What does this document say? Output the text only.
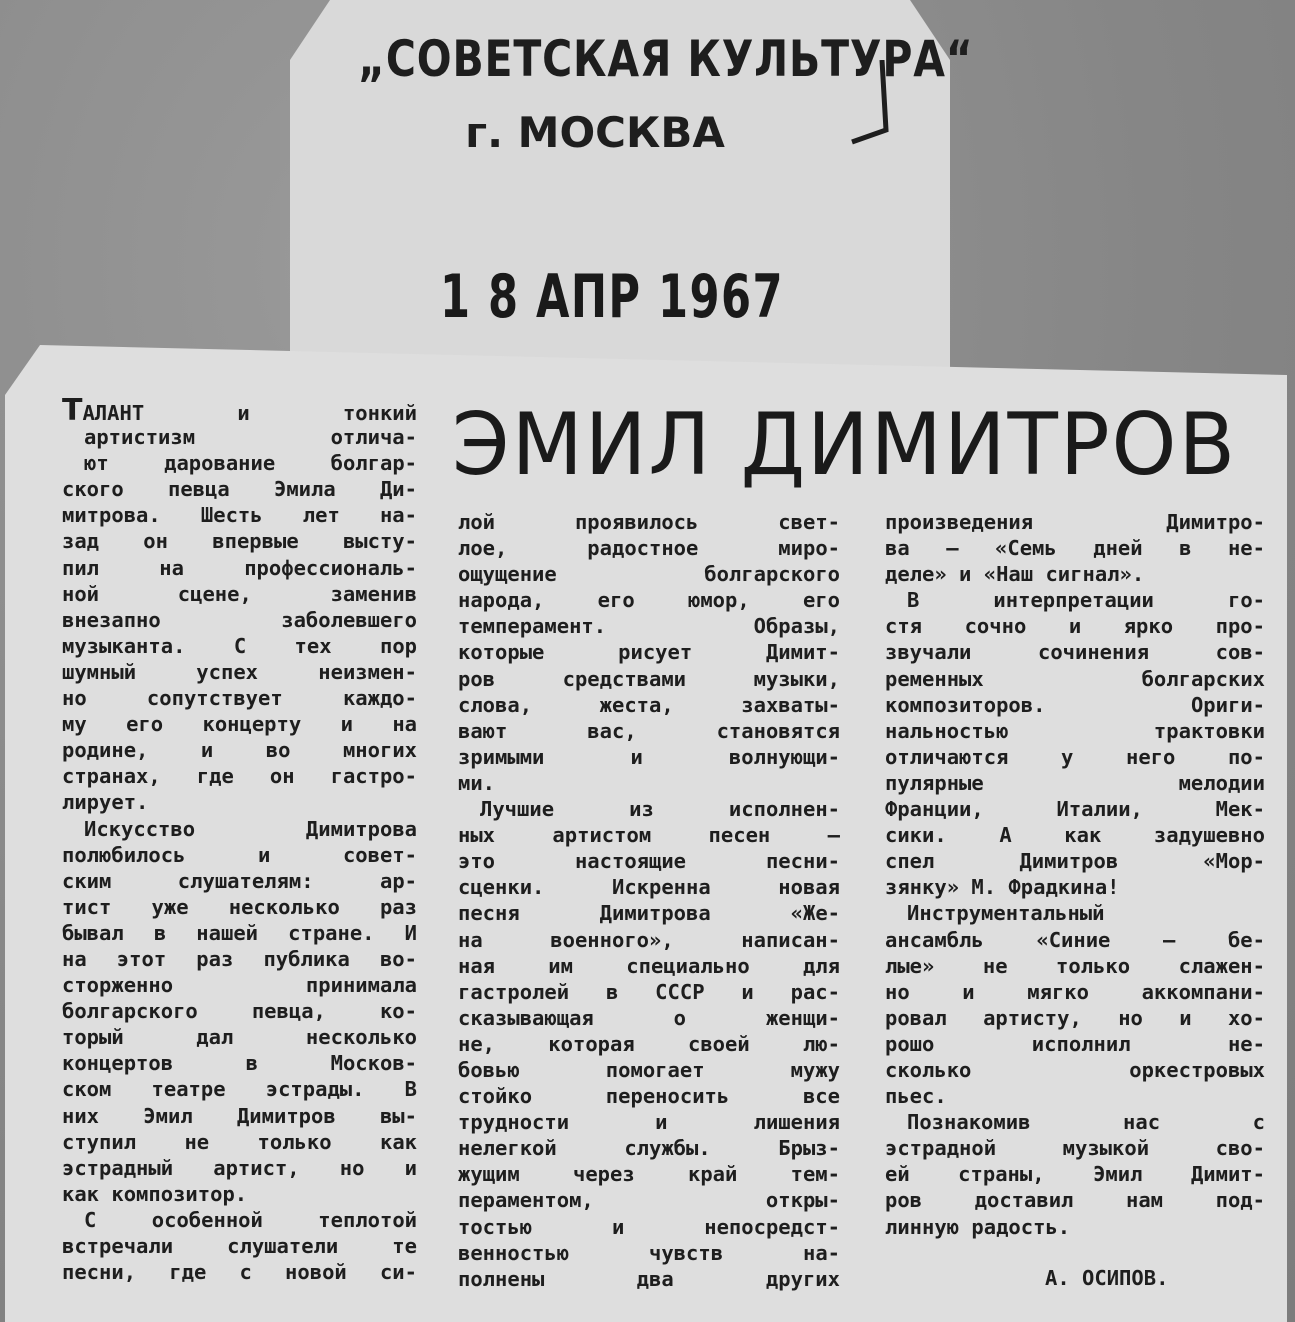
„СОВЕТСКАЯ КУЛЬТУРА“
г. МОСКВА
1 8 АПР 1967
ЭМИЛ ДИМИТРОВ
ТАЛАНТ и тонкий
артистизм отличa-
ют дарование болгар-
ского певца Эмила Ди-
митрова. Шесть лет на-
зад он впервые высту-
пил на профессиональ-
ной сцене, заменив
внезапно заболевшего
музыканта. С тех пор
шумный успех неизмен-
но сопутствует каждо-
му его концерту и на
родине, и во многих
странах, где он гастро-
лирует.
Искусство Димитрова
полюбилось и совет-
ским слушателям: ар-
тист уже несколько раз
бывал в нашей стране. И
на этот раз публика во-
сторженно принимала
болгарского певца, ко-
торый дал несколько
концертов в Москов-
ском театре эстрады. В
них Эмил Димитров вы-
ступил не только как
эстрадный артист, но и
как композитор.
С особенной теплотой
встречали слушатели те
песни, где с новой си-
лой проявилось свет-
лое, радостное миро-
ощущение болгарского
народа, его юмор, его
темперамент. Образы,
которые рисует Димит-
ров средствами музыки,
слова, жеста, захваты-
вают вас, становятся
зримыми и волнующи-
ми.
Лучшие из исполнен-
ных артистом песен —
это настоящие песни-
сценки. Искренна новая
песня Димитрова «Же-
на военного», написан-
ная им специально для
гастролей в СССР и рас-
сказывающая о женщи-
не, которая своей лю-
бовью помогает мужу
стойко переносить все
трудности и лишения
нелегкой службы. Брыз-
жущим через край тем-
пераментом, откры-
тостью и непосредст-
венностью чувств на-
полнены два других
произведения Димитро-
ва — «Семь дней в не-
деле» и «Наш сигнал».
В интерпретации го-
стя сочно и ярко про-
звучали сочинения сов-
ременных болгарских
композиторов. Ориги-
нальностью трактовки
отличаются у него по-
пулярные мелодии
Франции, Италии, Мек-
сики. А как задушевно
спел Димитров «Мор-
зянку» М. Фрадкина!
Инструментальный
ансамбль «Синие — бе-
лые» не только слажен-
но и мягко аккомпани-
ровал артисту, но и хо-
рошо исполнил не-
сколько оркестровых
пьес.
Познакомив нас с
эстрадной музыкой сво-
ей страны, Эмил Димит-
ров доставил нам под-
линную радость.
А. ОСИПОВ.
